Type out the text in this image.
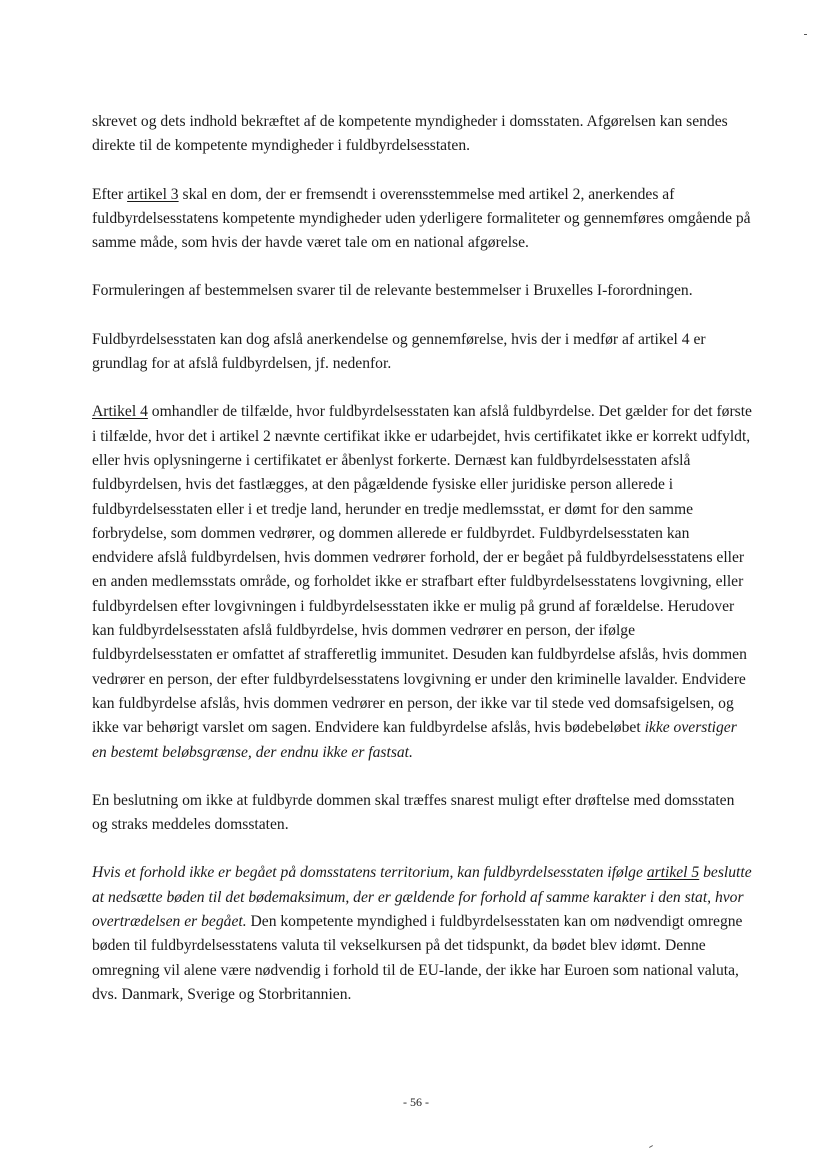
skrevet og dets indhold bekræftet af de kompetente myndigheder i domsstaten. Afgørelsen kan sendes direkte til de kompetente myndigheder i fuldbyrdelsesstaten.

Efter artikel 3 skal en dom, der er fremsendt i overensstemmelse med artikel 2, anerkendes af fuldbyrdelsesstatens kompetente myndigheder uden yderligere formaliteter og gennemføres omgående på samme måde, som hvis der havde været tale om en national afgørelse.

Formuleringen af bestemmelsen svarer til de relevante bestemmelser i Bruxelles I-forordningen.

Fuldbyrdelsesstaten kan dog afslå anerkendelse og gennemførelse, hvis der i medfør af artikel 4 er grundlag for at afslå fuldbyrdelsen, jf. nedenfor.

Artikel 4 omhandler de tilfælde, hvor fuldbyrdelsesstaten kan afslå fuldbyrdelse. Det gælder for det første i tilfælde, hvor det i artikel 2 nævnte certifikat ikke er udarbejdet, hvis certifikatet ikke er korrekt udfyldt, eller hvis oplysningerne i certifikatet er åbenlyst forkerte. Dernæst kan fuldbyrdelsesstaten afslå fuldbyrdelsen, hvis det fastlægges, at den pågældende fysiske eller juridiske person allerede i fuldbyrdelsesstaten eller i et tredje land, herunder en tredje medlemsstat, er dømt for den samme forbrydelse, som dommen vedrører, og dommen allerede er fuldbyrdet. Fuldbyrdelsesstaten kan endvidere afslå fuldbyrdelsen, hvis dommen vedrører forhold, der er begået på fuldbyrdelsesstatens eller en anden medlemsstats område, og forholdet ikke er strafbart efter fuldbyrdelsesstatens lovgivning, eller fuldbyrdelsen efter lovgivningen i fuldbyrdelsesstaten ikke er mulig på grund af forældelse. Herudover kan fuldbyrdelsesstaten afslå fuldbyrdelse, hvis dommen vedrører en person, der ifølge fuldbyrdelsesstaten er omfattet af strafferetlig immunitet. Desuden kan fuldbyrdelse afslås, hvis dommen vedrører en person, der efter fuldbyrdelsesstatens lovgivning er under den kriminelle lavalder. Endvidere kan fuldbyrdelse afslås, hvis dommen vedrører en person, der ikke var til stede ved domsafsigelsen, og ikke var behørigt varslet om sagen. Endvidere kan fuldbyrdelse afslås, hvis bødebeløbet ikke overstiger en bestemt beløbsgrænse, der endnu ikke er fastsat.

En beslutning om ikke at fuldbyrde dommen skal træffes snarest muligt efter drøftelse med domsstaten og straks meddeles domsstaten.

Hvis et forhold ikke er begået på domsstatens territorium, kan fuldbyrdelsesstaten ifølge artikel 5 beslutte at nedsætte bøden til det bødemaksimum, der er gældende for forhold af samme karakter i den stat, hvor overtrædelsen er begået. Den kompetente myndighed i fuldbyrdelsesstaten kan om nødvendigt omregne bøden til fuldbyrdelsesstatens valuta til vekselkursen på det tidspunkt, da bødet blev idømt. Denne omregning vil alene være nødvendig i forhold til de EU-lande, der ikke har Euroen som national valuta, dvs. Danmark, Sverige og Storbritannien.

- 56 -
